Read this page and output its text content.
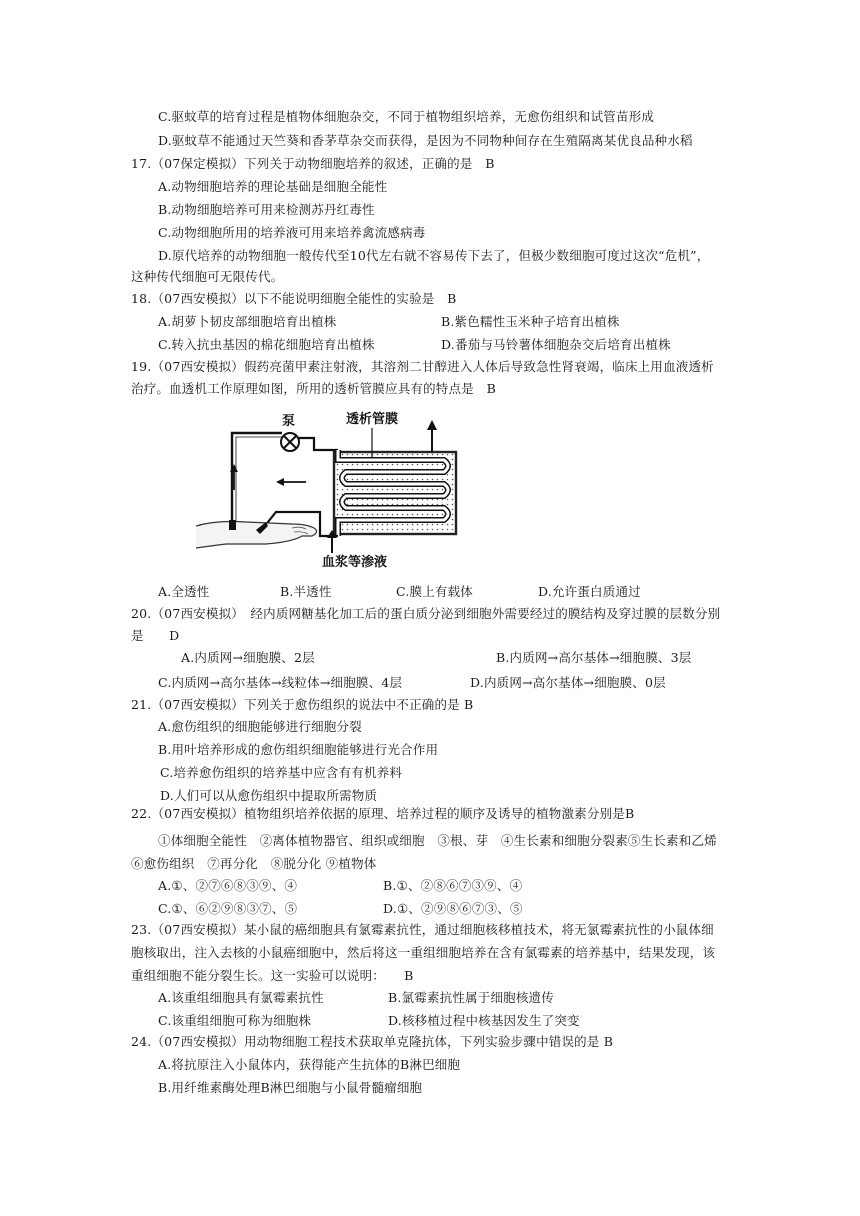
C.驱蚊草的培育过程是植物体细胞杂交，不同于植物组织培养，无愈伤组织和试管苗形成
D.驱蚊草不能通过天竺葵和香茅草杂交而获得，是因为不同物种间存在生殖隔离某优良品种水稻
17.（07保定模拟）下列关于动物细胞培养的叙述，正确的是　B
A.动物细胞培养的理论基础是细胞全能性
B.动物细胞培养可用来检测苏丹红毒性
C.动物细胞所用的培养液可用来培养禽流感病毒
D.原代培养的动物细胞一般传代至10代左右就不容易传下去了，但极少数细胞可度过这次“危机”，
这种传代细胞可无限传代。
18.（07西安模拟）以下不能说明细胞全能性的实验是　B
A.胡萝卜韧皮部细胞培育出植株	B.紫色糯性玉米种子培育出植株
C.转入抗虫基因的棉花细胞培育出植株	D.番茄与马铃薯体细胞杂交后培育出植株
19.（07西安模拟）假药亮菌甲素注射液，其溶剂二甘醇进入人体后导致急性肾衰竭，临床上用血液透析
治疗。血透机工作原理如图，所用的透析管膜应具有的特点是　B
泵	透析管膜
血浆等渗液
A.全透性	B.半透性	C.膜上有载体	D.允许蛋白质通过
20.（07西安模拟）　经内质网糖基化加工后的蛋白质分泌到细胞外需要经过的膜结构及穿过膜的层数分别
是　　D
A.内质网→细胞膜、2层	B.内质网→高尔基体→细胞膜、3层
C.内质网→高尔基体→线粒体→细胞膜、4层	D.内质网→高尔基体→细胞膜、0层
21.（07西安模拟）下列关于愈伤组织的说法中不正确的是 B
A.愈伤组织的细胞能够进行细胞分裂
B.用叶培养形成的愈伤组织细胞能够进行光合作用
C.培养愈伤组织的培养基中应含有有机养料
D.人们可以从愈伤组织中提取所需物质
22.（07西安模拟）植物组织培养依据的原理、培养过程的顺序及诱导的植物激素分别是B
①体细胞全能性　②离体植物器官、组织或细胞　③根、芽　④生长素和细胞分裂素⑤生长素和乙烯
⑥愈伤组织　⑦再分化　⑧脱分化 ⑨植物体
A.①、②⑦⑥⑧③⑨、④	B.①、②⑧⑥⑦③⑨、④
C.①、⑥②⑨⑧③⑦、⑤	D.①、②⑨⑧⑥⑦③、⑤
23.（07西安模拟）某小鼠的癌细胞具有氯霉素抗性，通过细胞核移植技术，将无氯霉素抗性的小鼠体细
胞核取出，注入去核的小鼠癌细胞中，然后将这一重组细胞培养在含有氯霉素的培养基中，结果发现，该
重组细胞不能分裂生长。这一实验可以说明：　　B
A.该重组细胞具有氯霉素抗性	B.氯霉素抗性属于细胞核遗传
C.该重组细胞可称为细胞株	D.核移植过程中核基因发生了突变
24.（07西安模拟）用动物细胞工程技术获取单克隆抗体，下列实验步骤中错误的是 B
A.将抗原注入小鼠体内，获得能产生抗体的B淋巴细胞
B.用纤维素酶处理B淋巴细胞与小鼠骨髓瘤细胞
